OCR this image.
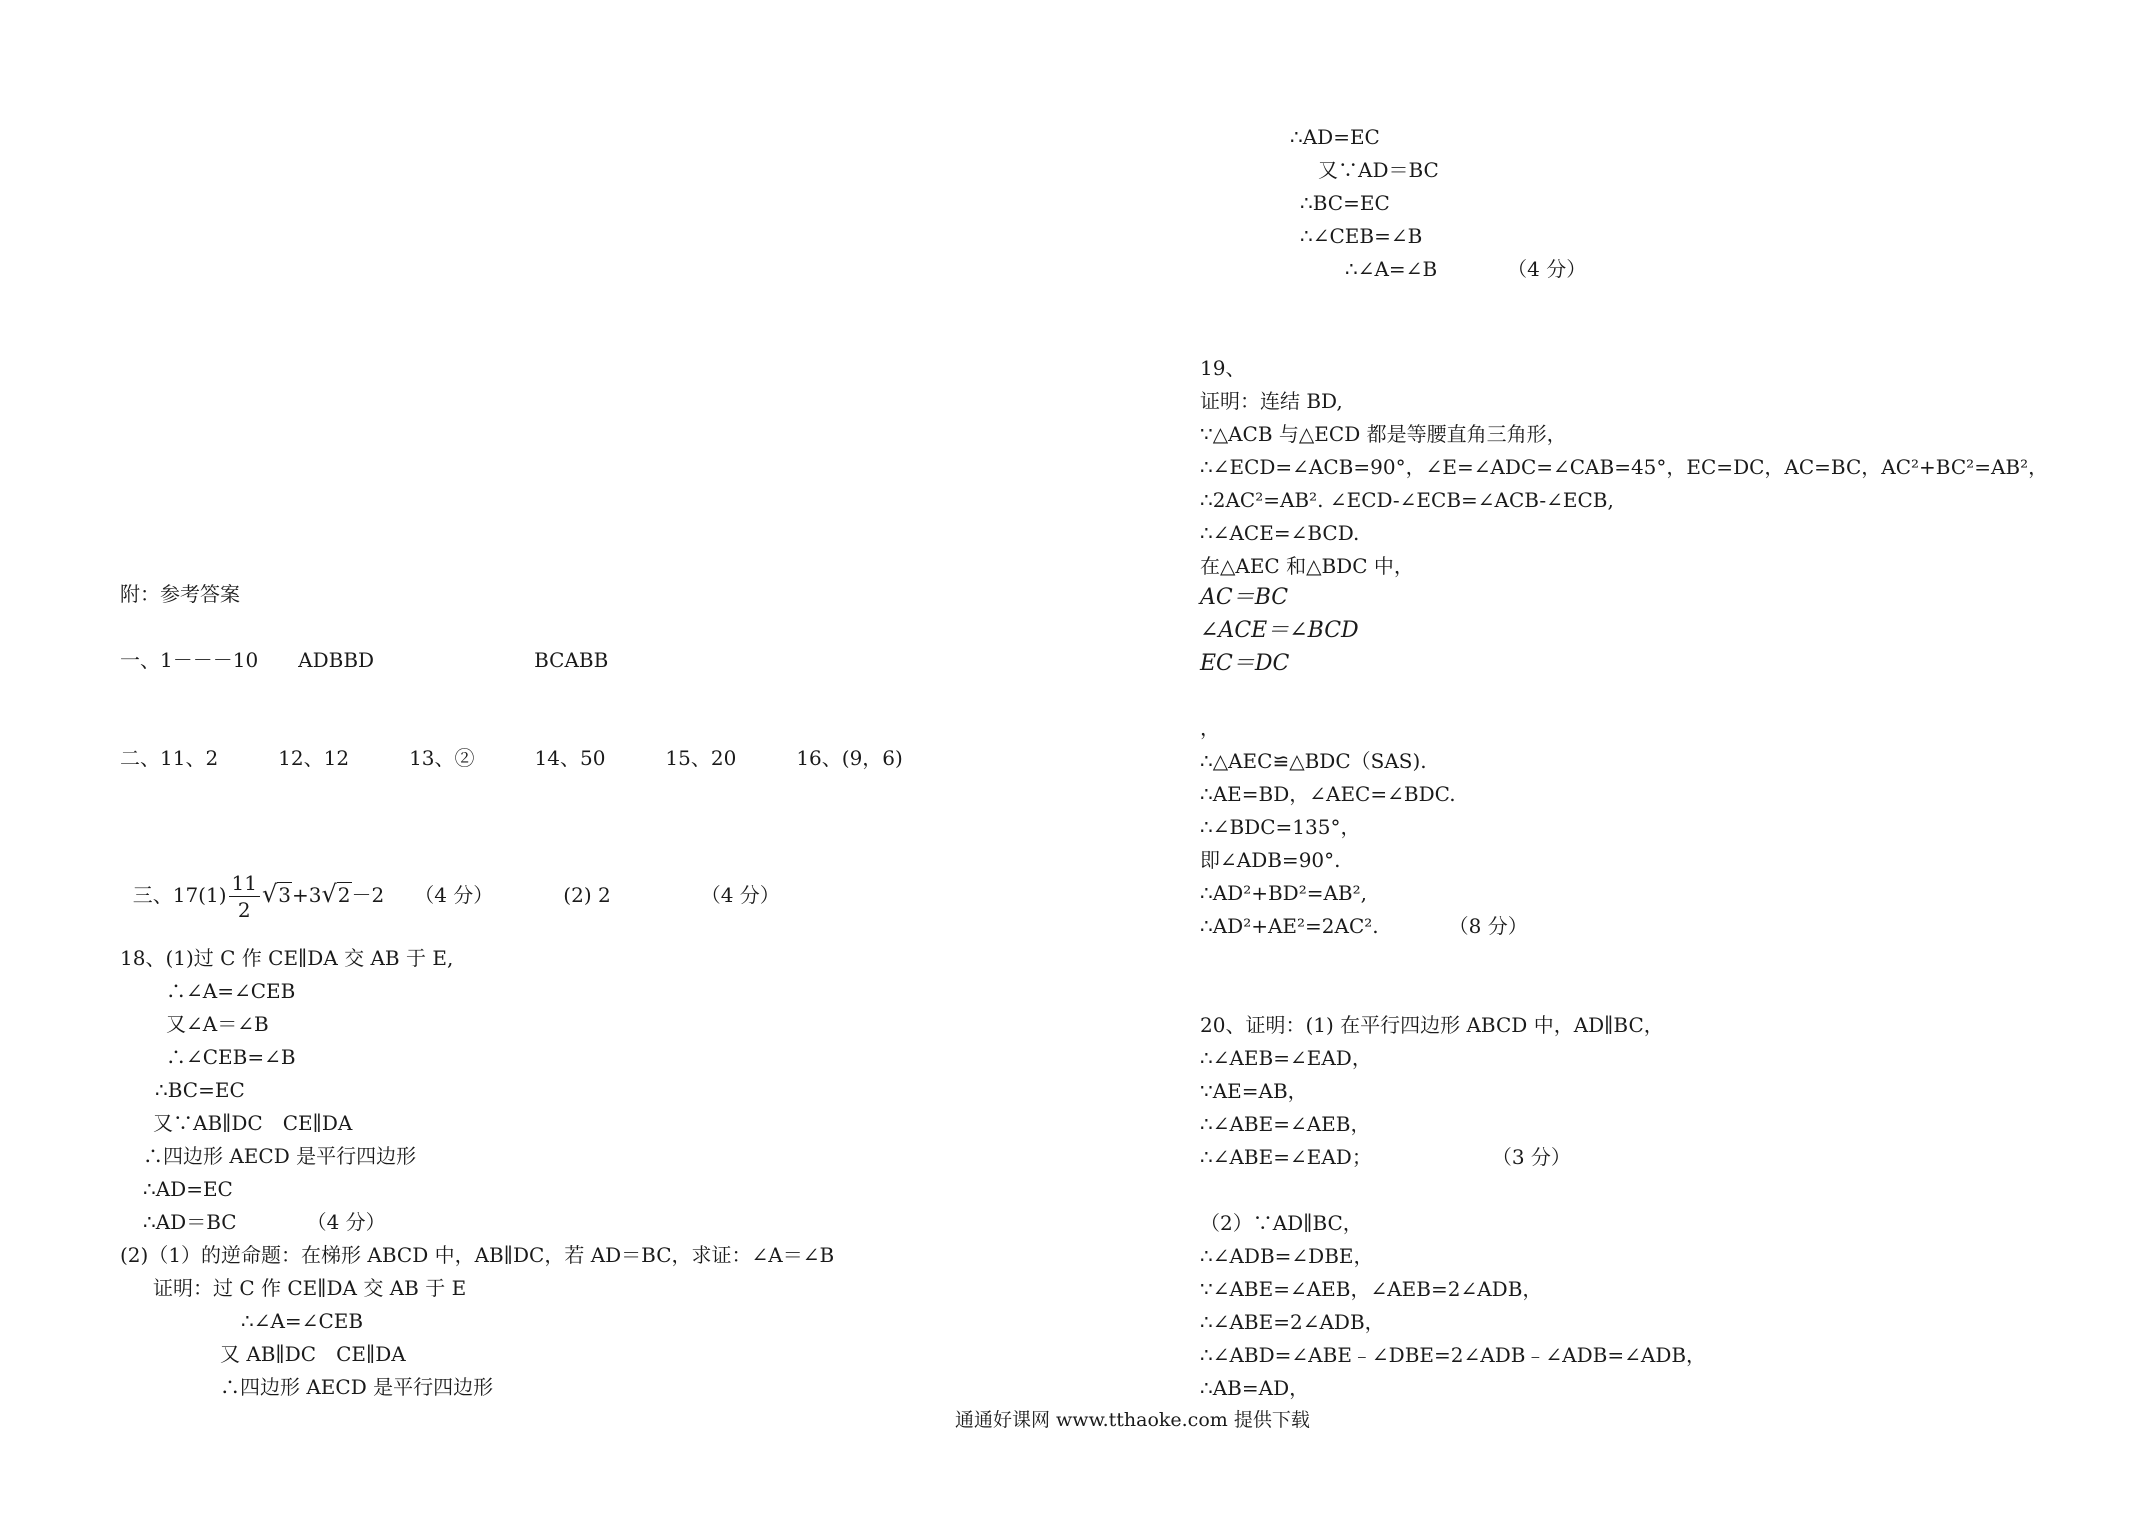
附：参考答案
一、1－－－10　　ADBBD　　　　　　　　BCABB
二、11、2　　　12、12　　　13、②　　　14、50　　　15、20　　　16、(9，6)

三、$17(1) \frac{11}{2} √3+3√2-2$　　（4 分）　　　　(2) 2　　　　　（4 分）

18、(1)过 C 作 CE∥DA 交 AB 于 E,
　∴∠A=∠CEB
　又∠A＝∠B
　∴∠CEB=∠B
∴BC=EC
又∵AB∥DC　CE∥DA
∴四边形 AECD 是平行四边形
∴AD=EC
∴AD＝BC　　　　（4 分）
(2)（1）的逆命题：在梯形 ABCD 中，AB∥DC，若 AD＝BC，求证：∠A＝∠B
证明：过 C 作 CE∥DA 交 AB 于 E
∴∠A=∠CEB
又 AB∥DC　CE∥DA
∴四边形 AECD 是平行四边形
∴AD=EC
又∵AD＝BC
∴BC=EC
∴∠CEB=∠B
∴∠A=∠B　　　　（4 分）
19、
证明：连结 BD,
∵△ACB 与△ECD 都是等腰直角三角形，
∴∠ECD=∠ACB=90°，∠E=∠ADC=∠CAB=45°，EC=DC，AC=BC，AC²+BC²=AB²，
∴2AC²=AB². ∠ECD-∠ECB=∠ACB-∠ECB,
∴∠ACE=∠BCD.
在△AEC 和△BDC 中，
AC＝BC
∠ACE＝∠BCD
EC＝DC
，
∴△AEC≌△BDC（SAS).
∴AE=BD，∠AEC=∠BDC.
∴∠BDC=135°，
即∠ADB=90°.
∴AD²+BD²=AB²,
∴AD²+AE²=2AC².　　　　（8 分）
20、证明：(1) 在平行四边形 ABCD 中，AD∥BC，
∴∠AEB=∠EAD，
∵AE=AB，
∴∠ABE=∠AEB，
∴∠ABE=∠EAD；　　　　　　　（3 分）
（2）∵AD∥BC，
∴∠ADB=∠DBE，
∵∠ABE=∠AEB，∠AEB=2∠ADB，
∴∠ABE=2∠ADB，
∴∠ABD=∠ABE﹣∠DBE=2∠ADB﹣∠ADB=∠ADB，
∴AB=AD，
通通好课网 www.tthaoke.com 提供下载
